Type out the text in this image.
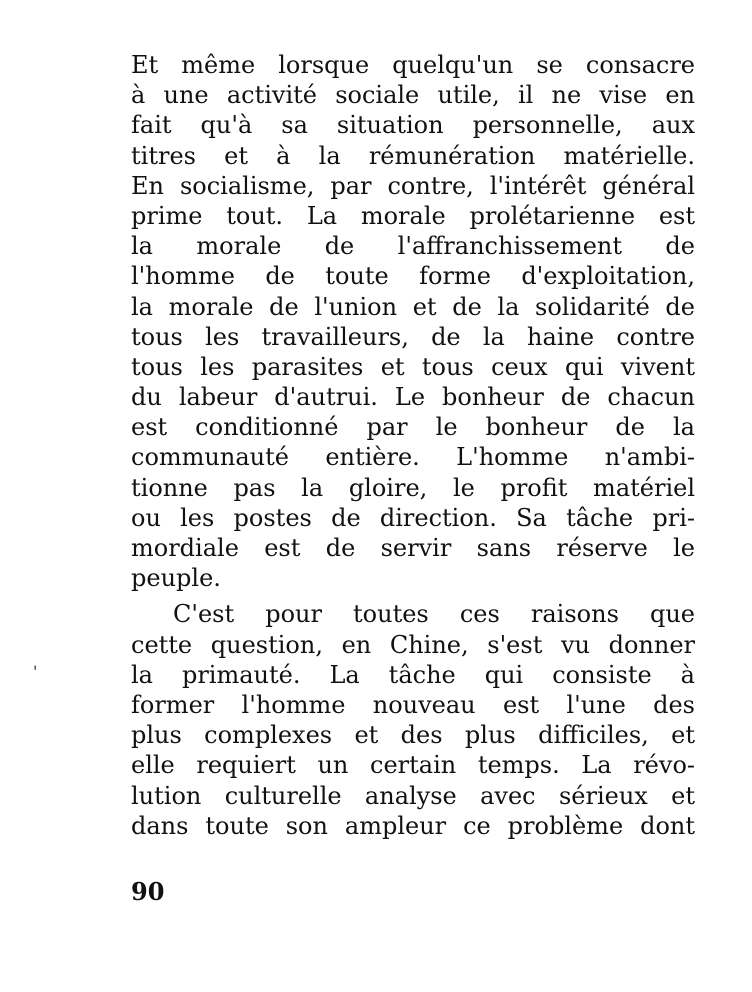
Et même lorsque quelqu'un se consacre
à une activité sociale utile, il ne vise en
fait qu'à sa situation personnelle, aux
titres et à la rémunération matérielle.
En socialisme, par contre, l'intérêt général
prime tout. La morale prolétarienne est
la morale de l'affranchissement de
l'homme de toute forme d'exploitation,
la morale de l'union et de la solidarité de
tous les travailleurs, de la haine contre
tous les parasites et tous ceux qui vivent
du labeur d'autrui. Le bonheur de chacun
est conditionné par le bonheur de la
communauté entière. L'homme n'ambi-
tionne pas la gloire, le profit matériel
ou les postes de direction. Sa tâche pri-
mordiale est de servir sans réserve le
peuple.
C'est pour toutes ces raisons que
cette question, en Chine, s'est vu donner
la primauté. La tâche qui consiste à
former l'homme nouveau est l'une des
plus complexes et des plus difficiles, et
elle requiert un certain temps. La révo-
lution culturelle analyse avec sérieux et
dans toute son ampleur ce problème dont
'
90
